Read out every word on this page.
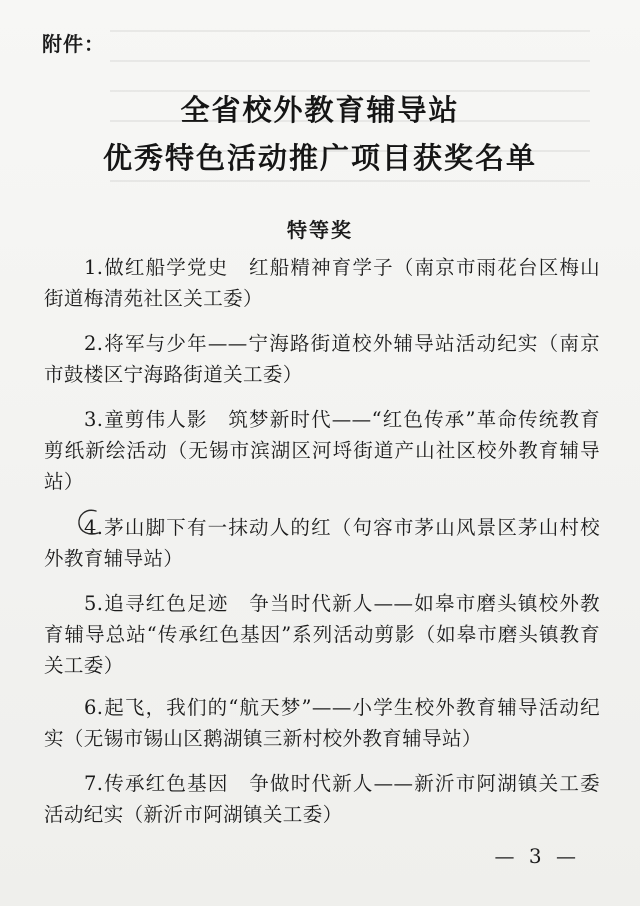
附件：
全省校外教育辅导站
优秀特色活动推广项目获奖名单
特等奖
1.做红船学党史　红船精神育学子（南京市雨花台区梅山街道梅清苑社区关工委）
2.将军与少年——宁海路街道校外辅导站活动纪实（南京市鼓楼区宁海路街道关工委）
3.童剪伟人影　筑梦新时代——“红色传承”革命传统教育剪纸新绘活动（无锡市滨湖区河埒街道产山社区校外教育辅导站）
4.茅山脚下有一抹动人的红（句容市茅山风景区茅山村校外教育辅导站）
5.追寻红色足迹　争当时代新人——如皋市磨头镇校外教育辅导总站“传承红色基因”系列活动剪影（如皋市磨头镇教育关工委）
6.起飞，我们的“航天梦”——小学生校外教育辅导活动纪实（无锡市锡山区鹅湖镇三新村校外教育辅导站）
7.传承红色基因　争做时代新人——新沂市阿湖镇关工委活动纪实（新沂市阿湖镇关工委）
— 3 —
